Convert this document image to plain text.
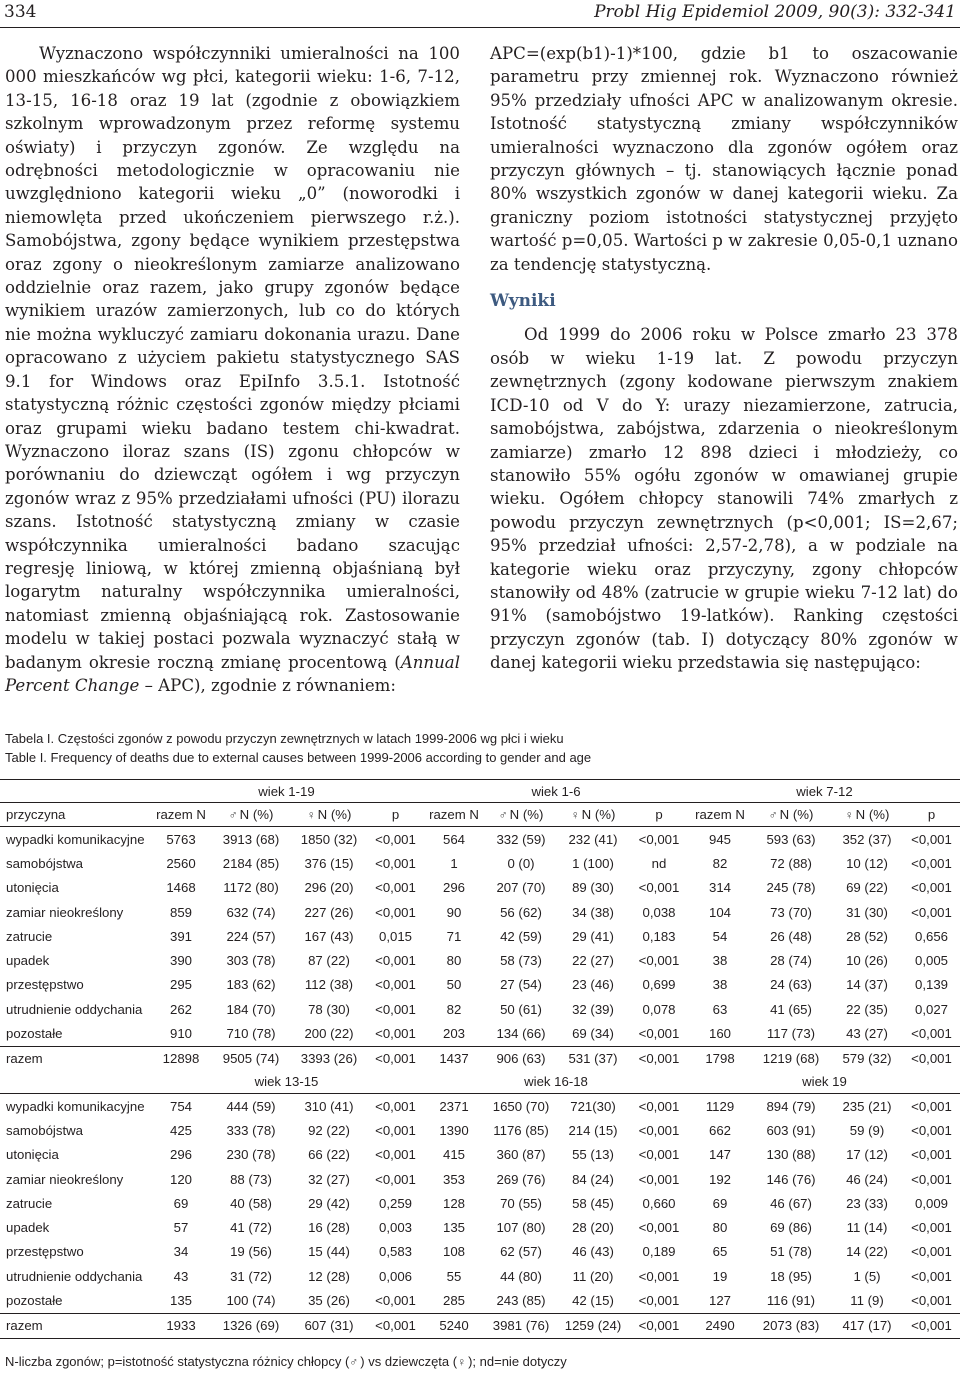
334	Probl Hig Epidemiol 2009, 90(3): 332-341

Wyznaczono współczynniki umieralności na 100 000 mieszkańców wg płci, kategorii wieku: 1-6, 7-12, 13-15, 16-18 oraz 19 lat (zgodnie z obowiązkiem szkolnym wprowadzonym przez reformę systemu oświaty) i przyczyn zgonów. Ze względu na odrębności metodologicznie w opracowaniu nie uwzględniono kategorii wieku „0” (noworodki i niemowlęta przed ukończeniem pierwszego r.ż.). Samobójstwa, zgony będące wynikiem przestępstwa oraz zgony o nieokreślonym zamiarze analizowano oddzielnie oraz razem, jako grupy zgonów będące wynikiem urazów zamierzonych, lub co do których nie można wykluczyć zamiaru dokonania urazu. Dane opracowano z użyciem pakietu statystycznego SAS 9.1 for Windows oraz EpiInfo 3.5.1. Istotność statystyczną różnic częstości zgonów między płciami oraz grupami wieku badano testem chi-kwadrat. Wyznaczono iloraz szans (IS) zgonu chłopców w porównaniu do dziewcząt ogółem i wg przyczyn zgonów wraz z 95% przedziałami ufności (PU) ilorazu szans. Istotność statystyczną zmiany w czasie współczynnika umieralności badano szacując regresję liniową, w której zmienną objaśnianą był logarytm naturalny współczynnika umieralności, natomiast zmienną objaśniającą rok. Zastosowanie modelu w takiej postaci pozwala wyznaczyć stałą w badanym okresie roczną zmianę procentową (Annual Percent Change – APC), zgodnie z równaniem:

APC=(exp(b1)-1)*100, gdzie b1 to oszacowanie parametru przy zmiennej rok. Wyznaczono również 95% przedziały ufności APC w analizowanym okresie. Istotność statystyczną zmiany współczynników umieralności wyznaczono dla zgonów ogółem oraz przyczyn głównych – tj. stanowiących łącznie ponad 80% wszystkich zgonów w danej kategorii wieku. Za graniczny poziom istotności statystycznej przyjęto wartość p=0,05. Wartości p w zakresie 0,05-0,1 uznano za tendencję statystyczną.

Wyniki

Od 1999 do 2006 roku w Polsce zmarło 23 378 osób w wieku 1-19 lat. Z powodu przyczyn zewnętrznych (zgony kodowane pierwszym znakiem ICD-10 od V do Y: urazy niezamierzone, zatrucia, samobójstwa, zabójstwa, zdarzenia o nieokreślonym zamiarze) zmarło 12 898 dzieci i młodzieży, co stanowiło 55% ogółu zgonów w omawianej grupie wieku. Ogółem chłopcy stanowili 74% zmarłych z powodu przyczyn zewnętrznych (p<0,001; IS=2,67; 95% przedział ufności: 2,57-2,78), a w podziale na kategorie wieku oraz przyczyny, zgony chłopców stanowiły od 48% (zatrucie w grupie wieku 7-12 lat) do 91% (samobójstwo 19-latków). Ranking częstości przyczyn zgonów (tab. I) dotyczący 80% zgonów w danej kategorii wieku przedstawia się następująco:

Tabela I. Częstości zgonów z powodu przyczyn zewnętrznych w latach 1999-2006 wg płci i wieku
Table I. Frequency of deaths due to external causes between 1999-2006 according to gender and age
	wiek 1-19				wiek 1-6				wiek 7-12			
przyczyna	razem N	♂ N (%)	♀ N (%)	p	razem N	♂ N (%)	♀ N (%)	p	razem N	♂ N (%)	♀ N (%)	p
wypadki komunikacyjne	5763	3913 (68)	1850 (32)	<0,001	564	332 (59)	232 (41)	<0,001	945	593 (63)	352 (37)	<0,001
samobójstwa	2560	2184 (85)	376 (15)	<0,001	1	0 (0)	1 (100)	nd	82	72 (88)	10 (12)	<0,001
utonięcia	1468	1172 (80)	296 (20)	<0,001	296	207 (70)	89 (30)	<0,001	314	245 (78)	69 (22)	<0,001
zamiar nieokreślony	859	632 (74)	227 (26)	<0,001	90	56 (62)	34 (38)	0,038	104	73 (70)	31 (30)	<0,001
zatrucie	391	224 (57)	167 (43)	0,015	71	42 (59)	29 (41)	0,183	54	26 (48)	28 (52)	0,656
upadek	390	303 (78)	87 (22)	<0,001	80	58 (73)	22 (27)	<0,001	38	28 (74)	10 (26)	0,005
przestępstwo	295	183 (62)	112 (38)	<0,001	50	27 (54)	23 (46)	0,699	38	24 (63)	14 (37)	0,139
utrudnienie oddychania	262	184 (70)	78 (30)	<0,001	82	50 (61)	32 (39)	0,078	63	41 (65)	22 (35)	0,027
pozostałe	910	710 (78)	200 (22)	<0,001	203	134 (66)	69 (34)	<0,001	160	117 (73)	43 (27)	<0,001
razem	12898	9505 (74)	3393 (26)	<0,001	1437	906 (63)	531 (37)	<0,001	1798	1219 (68)	579 (32)	<0,001
	wiek 13-15				wiek 16-18				wiek 19			
wypadki komunikacyjne	754	444 (59)	310 (41)	<0,001	2371	1650 (70)	721(30)	<0,001	1129	894 (79)	235 (21)	<0,001
samobójstwa	425	333 (78)	92 (22)	<0,001	1390	1176 (85)	214 (15)	<0,001	662	603 (91)	59 (9)	<0,001
utonięcia	296	230 (78)	66 (22)	<0,001	415	360 (87)	55 (13)	<0,001	147	130 (88)	17 (12)	<0,001
zamiar nieokreślony	120	88 (73)	32 (27)	<0,001	353	269 (76)	84 (24)	<0,001	192	146 (76)	46 (24)	<0,001
zatrucie	69	40 (58)	29 (42)	0,259	128	70 (55)	58 (45)	0,660	69	46 (67)	23 (33)	0,009
upadek	57	41 (72)	16 (28)	0,003	135	107 (80)	28 (20)	<0,001	80	69 (86)	11 (14)	<0,001
przestępstwo	34	19 (56)	15 (44)	0,583	108	62 (57)	46 (43)	0,189	65	51 (78)	14 (22)	<0,001
utrudnienie oddychania	43	31 (72)	12 (28)	0,006	55	44 (80)	11 (20)	<0,001	19	18 (95)	1 (5)	<0,001
pozostałe	135	100 (74)	35 (26)	<0,001	285	243 (85)	42 (15)	<0,001	127	116 (91)	11 (9)	<0,001
razem	1933	1326 (69)	607 (31)	<0,001	5240	3981 (76)	1259 (24)	<0,001	2490	2073 (83)	417 (17)	<0,001
N-liczba zgonów; p=istotność statystyczna różnicy chłopcy (♂ ) vs dziewczęta (♀ ); nd=nie dotyczy
